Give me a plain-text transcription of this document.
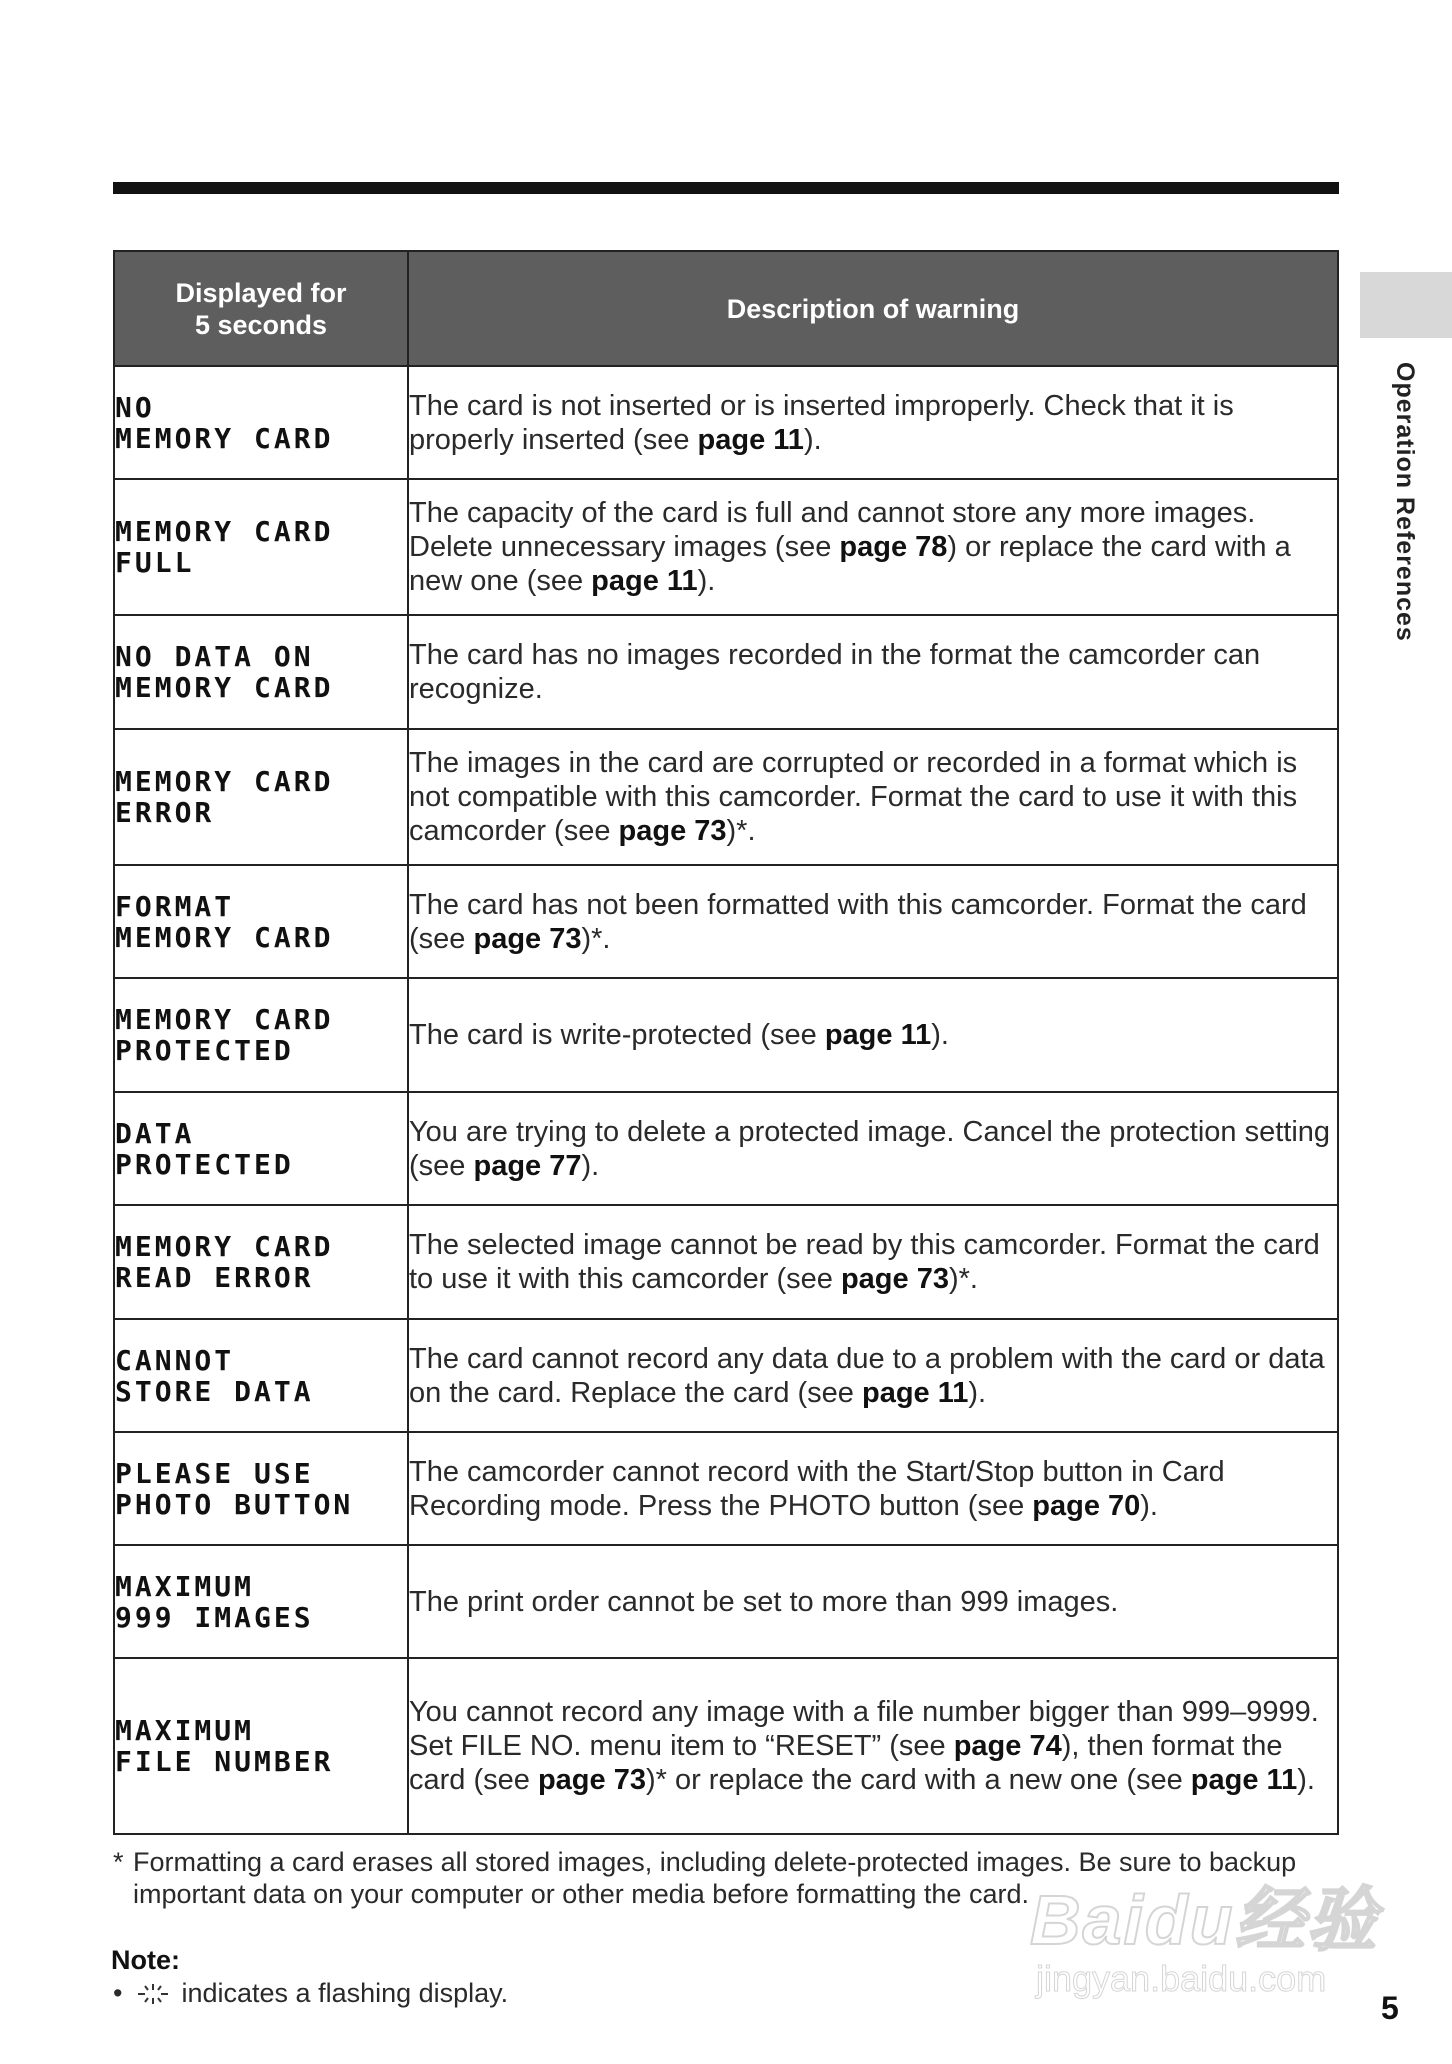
Operation References
Displayed for
5 seconds	Description of warning

NO
MEMORY CARD	The card is not inserted or is inserted improperly. Check that it is properly inserted (see page 11).

MEMORY CARD
FULL	The capacity of the card is full and cannot store any more images. Delete unnecessary images (see page 78) or replace the card with a new one (see page 11).

NO DATA ON
MEMORY CARD	The card has no images recorded in the format the camcorder can recognize.

MEMORY CARD
ERROR	The images in the card are corrupted or recorded in a format which is not compatible with this camcorder. Format the card to use it with this camcorder (see page 73)*.

FORMAT
MEMORY CARD	The card has not been formatted with this camcorder. Format the card (see page 73)*.

MEMORY CARD
PROTECTED	The card is write-protected (see page 11).

DATA
PROTECTED	You are trying to delete a protected image. Cancel the protection setting (see page 77).

MEMORY CARD
READ ERROR	The selected image cannot be read by this camcorder. Format the card to use it with this camcorder (see page 73)*.

CANNOT
STORE DATA	The card cannot record any data due to a problem with the card or data on the card. Replace the card (see page 11).

PLEASE USE
PHOTO BUTTON	The camcorder cannot record with the Start/Stop button in Card Recording mode. Press the PHOTO button (see page 70).

MAXIMUM
999 IMAGES	The print order cannot be set to more than 999 images.

MAXIMUM
FILE NUMBER	You cannot record any image with a file number bigger than 999–9999. Set FILE NO. menu item to “RESET” (see page 74), then format the card (see page 73)* or replace the card with a new one (see page 11).
* Formatting a card erases all stored images, including delete-protected images. Be sure to backup important data on your computer or other media before formatting the card.
Note:
• indicates a flashing display.	5
Baidu经验
jingyan.baidu.com
